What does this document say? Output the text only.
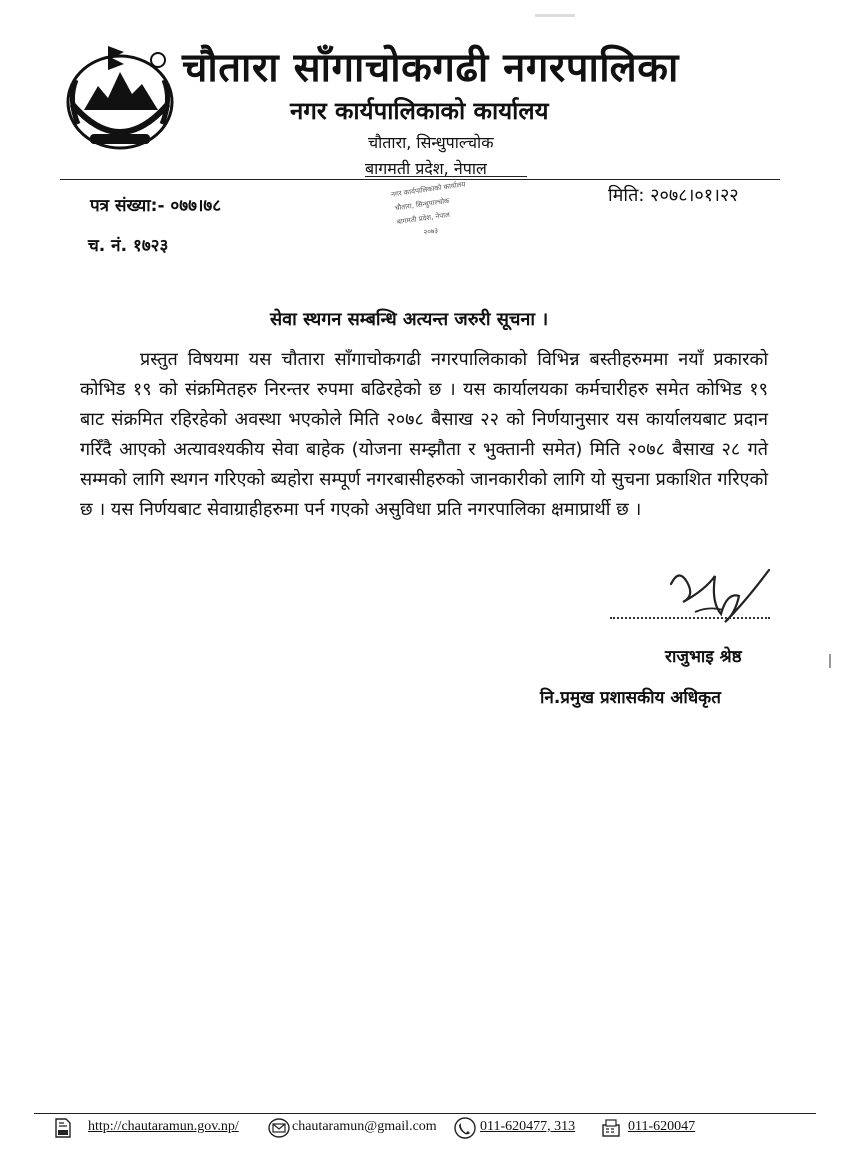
चौतारा साँगाचोकगढी नगरपालिका
नगर कार्यपालिकाको कार्यालय
चौतारा, सिन्धुपाल्चोक
बागमती प्रदेश, नेपाल
नगर कार्यपालिकाको कार्यालय
चौतारा, सिन्धुपाल्चोक
बागमती प्रदेश, नेपाल
२०७३
पत्र संख्या:- ०७७।७८	मिति: २०७८।०१।२२
च. नं. १७२३
सेवा स्थगन सम्बन्धि अत्यन्त जरुरी सूचना ।
प्रस्तुत विषयमा यस चौतारा साँगाचोकगढी नगरपालिकाको विभिन्न बस्तीहरुममा नयाँ प्रकारको कोभिड १९ को संक्रमितहरु निरन्तर रुपमा बढिरहेको छ । यस कार्यालयका कर्मचारीहरु समेत कोभिड १९ बाट संक्रमित रहिरहेको अवस्था भएकोले मिति २०७८ बैसाख २२ को निर्णयानुसार यस कार्यालयबाट प्रदान गरिँदै आएको अत्यावश्यकीय सेवा बाहेक (योजना सम्झौता र भुक्तानी समेत) मिति २०७८ बैसाख २८ गते सम्मको लागि स्थगन गरिएको ब्यहोरा सम्पूर्ण नगरबासीहरुको जानकारीको लागि यो सुचना प्रकाशित गरिएको छ । यस निर्णयबाट सेवाग्राहीहरुमा पर्न गएको असुविधा प्रति नगरपालिका क्षमाप्रार्थी छ ।
राजुभाइ श्रेष्ठ
नि.प्रमुख प्रशासकीय अधिकृत
http://chautaramun.gov.np/	chautaramun@gmail.com	011-620477, 313	011-620047
